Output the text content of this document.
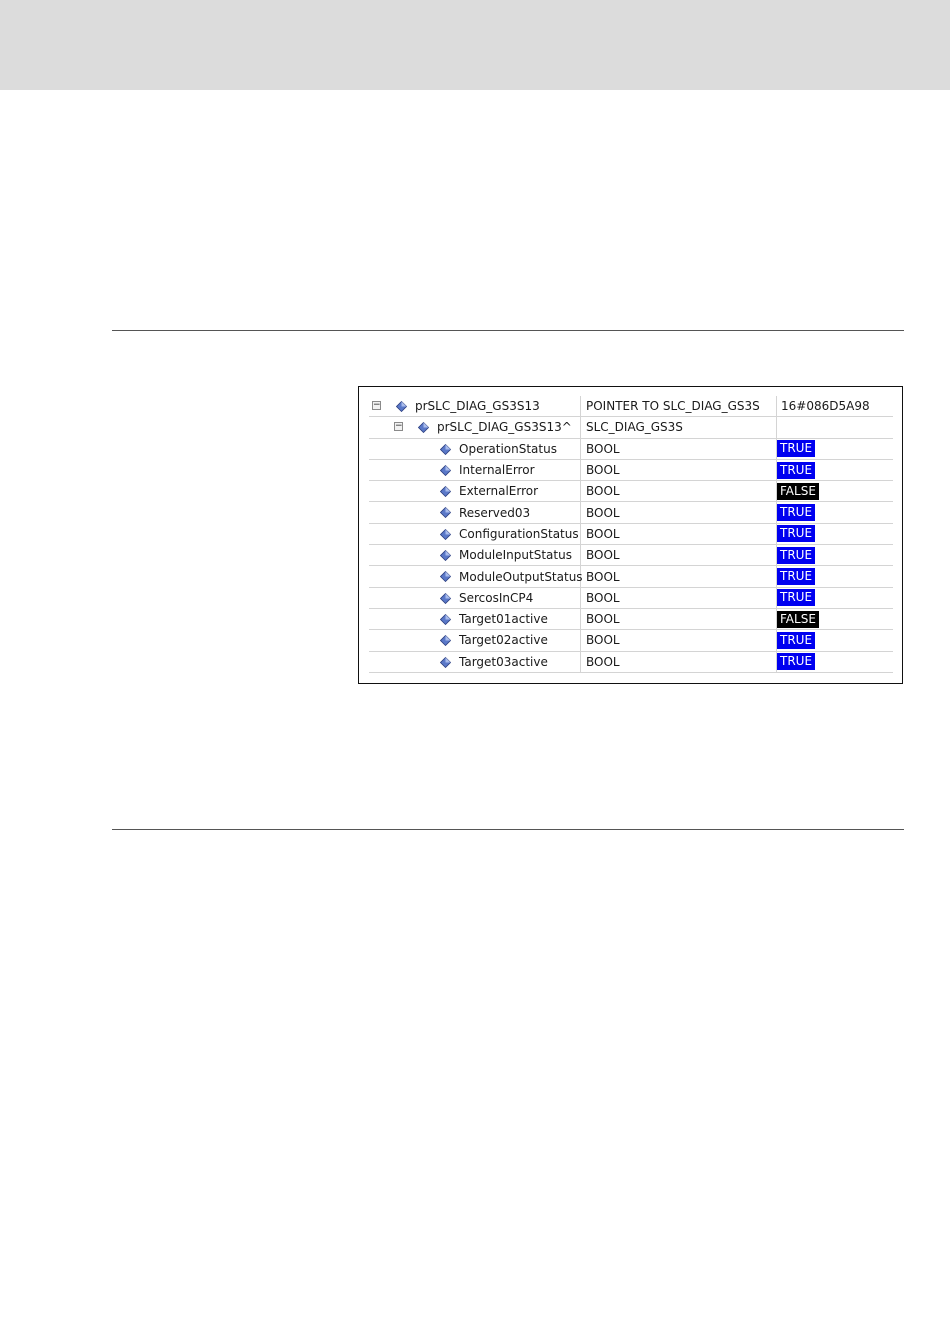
−	prSLC_DIAG_GS3S13	POINTER TO SLC_DIAG_GS3S	16#086D5A98
−	prSLC_DIAG_GS3S13^	SLC_DIAG_GS3S
OperationStatus	BOOL	TRUE
InternalError	BOOL	TRUE
ExternalError	BOOL	FALSE
Reserved03	BOOL	TRUE
ConfigurationStatus BOOL	TRUE
ModuleInputStatus	BOOL	TRUE
ModuleOutputStatus BOOL	TRUE
SercosInCP4	BOOL	TRUE
Target01active	BOOL	FALSE
Target02active	BOOL	TRUE
Target03active	BOOL	TRUE
